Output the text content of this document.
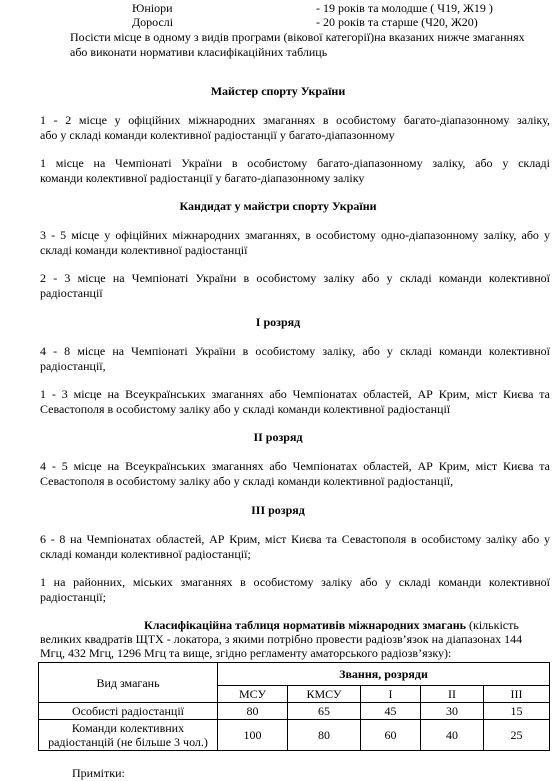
Юніори	- 19 років та молодше ( Ч19, Ж19 )
Дорослі	- 20 років та старше (Ч20, Ж20)
Посісти місце в одному з видів програми (вікової категорії)на вказаних нижче змаганнях
або виконати нормативи класифікаційних таблиць
Майстер спорту України
1 - 2 місце у офіційних міжнародних змаганнях в особистому багато-діапазонному заліку,
або у складі команди колективної радіостанції у багато-діапазонному
1 місце на Чемпіонаті України в особистому багато-діапазонному заліку, або у складі
команди колективної радіостанції у багато-діапазонному заліку
Кандидат у майстри спорту України
3 - 5 місце у офіційних міжнародних змаганнях, в особистому одно-діапазонному заліку, або у
складі команди колективної радіостанції
2 - 3 місце на Чемпіонаті України в особистому заліку або у складі команди колективної
радіостанції
І розряд
4 - 8 місце на Чемпіонаті України в особистому заліку, або у складі команди колективної
радіостанції,
1 - 3 місце на Всеукраїнських змаганнях або Чемпіонатах областей, АР Крим, міст Києва та
Севастополя в особистому заліку або у складі команди колективної радіостанції
ІІ розряд
4 - 5 місце на Всеукраїнських змаганнях або Чемпіонатах областей, АР Крим, міст Києва та
Севастополя в особистому заліку або у складі команди колективної радіостанції,
ІІІ розряд
6 - 8 на Чемпіонатах областей, АР Крим, міст Києва та Севастополя в особистому заліку або у
складі команди колективної радіостанції;
1 на районних, міських змаганнях в особистому заліку або у складі команди колективної
радіостанції;
Класифікаційна таблиця нормативів міжнародних змагань (кількість
великих квадратів ЩТХ - локатора, з якими потрібно провести радіозв’язок на діапазонах 144
Мгц, 432 Мгц, 1296 Мгц та вище, згідно регламенту аматорського радіозв’язку):
Вид змагань	Звання, розряди				
	МСУ	КМСУ	І	ІІ	ІІІ
Особисті радіостанції	80	65	45	30	15

Команди колективних
радіостанцій (не більше 3 чол.)	100	80	60	40	25
Примітки:
